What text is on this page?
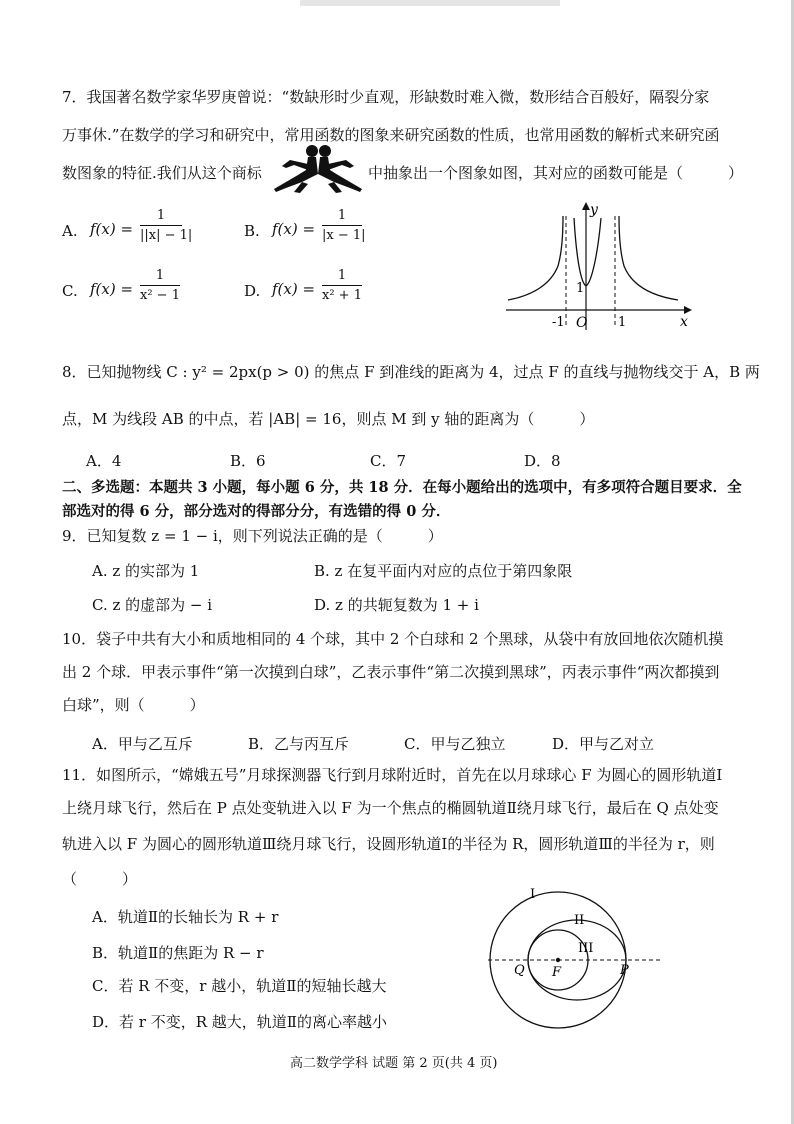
7．我国著名数学家华罗庚曾说：“数缺形时少直观，形缺数时难入微，数形结合百般好，隔裂分家
万事休.”在数学的学习和研究中，常用函数的图象来研究函数的性质，也常用函数的解析式来研究函
数图象的特征.我们从这个商标	中抽象出一个图象如图，其对应的函数可能是（　　　）
A. f(x) =
1
||x| − 1|	B. f(x) =
1
|x − 1|
C. f(x) =
1
x² − 1	D. f(x) =
1
x² + 1
y
x
1
-1	1
O
8．已知抛物线 C : y² = 2px(p > 0) 的焦点 F 到准线的距离为 4，过点 F 的直线与抛物线交于 A，B 两
点，M 为线段 AB 的中点，若 |AB| = 16，则点 M 到 y 轴的距离为（　　　）
A．4	B．6	C．7	D．8
二、多选题：本题共 3 小题，每小题 6 分，共 18 分．在每小题给出的选项中，有多项符合题目要求．全
部选对的得 6 分，部分选对的得部分分，有选错的得 0 分．
9．已知复数 z = 1 − i，则下列说法正确的是（　　　）
A. z 的实部为 1	B. z 在复平面内对应的点位于第四象限
C. z 的虚部为 − i	D. z 的共轭复数为 1 + i
10．袋子中共有大小和质地相同的 4 个球，其中 2 个白球和 2 个黑球，从袋中有放回地依次随机摸
出 2 个球．甲表示事件“第一次摸到白球”，乙表示事件“第二次摸到黑球”，丙表示事件“两次都摸到
白球”，则（　　　）
A．甲与乙互斥	B．乙与丙互斥	C．甲与乙独立	D．甲与乙对立
11．如图所示，“嫦娥五号”月球探测器飞行到月球附近时，首先在以月球球心 F 为圆心的圆形轨道Ⅰ
上绕月球飞行，然后在 P 点处变轨进入以 F 为一个焦点的椭圆轨道Ⅱ绕月球飞行，最后在 Q 点处变
轨进入以 F 为圆心的圆形轨道Ⅲ绕月球飞行，设圆形轨道Ⅰ的半径为 R，圆形轨道Ⅲ的半径为 r，则
（　　　）
A．轨道Ⅱ的长轴长为 R + r
B．轨道Ⅱ的焦距为 R − r
C．若 R 不变，r 越小，轨道Ⅱ的短轴长越大
D．若 r 不变，R 越大，轨道Ⅱ的离心率越小
I
II
III
Q F	P
高二数学学科 试题 第 2 页(共 4 页)
